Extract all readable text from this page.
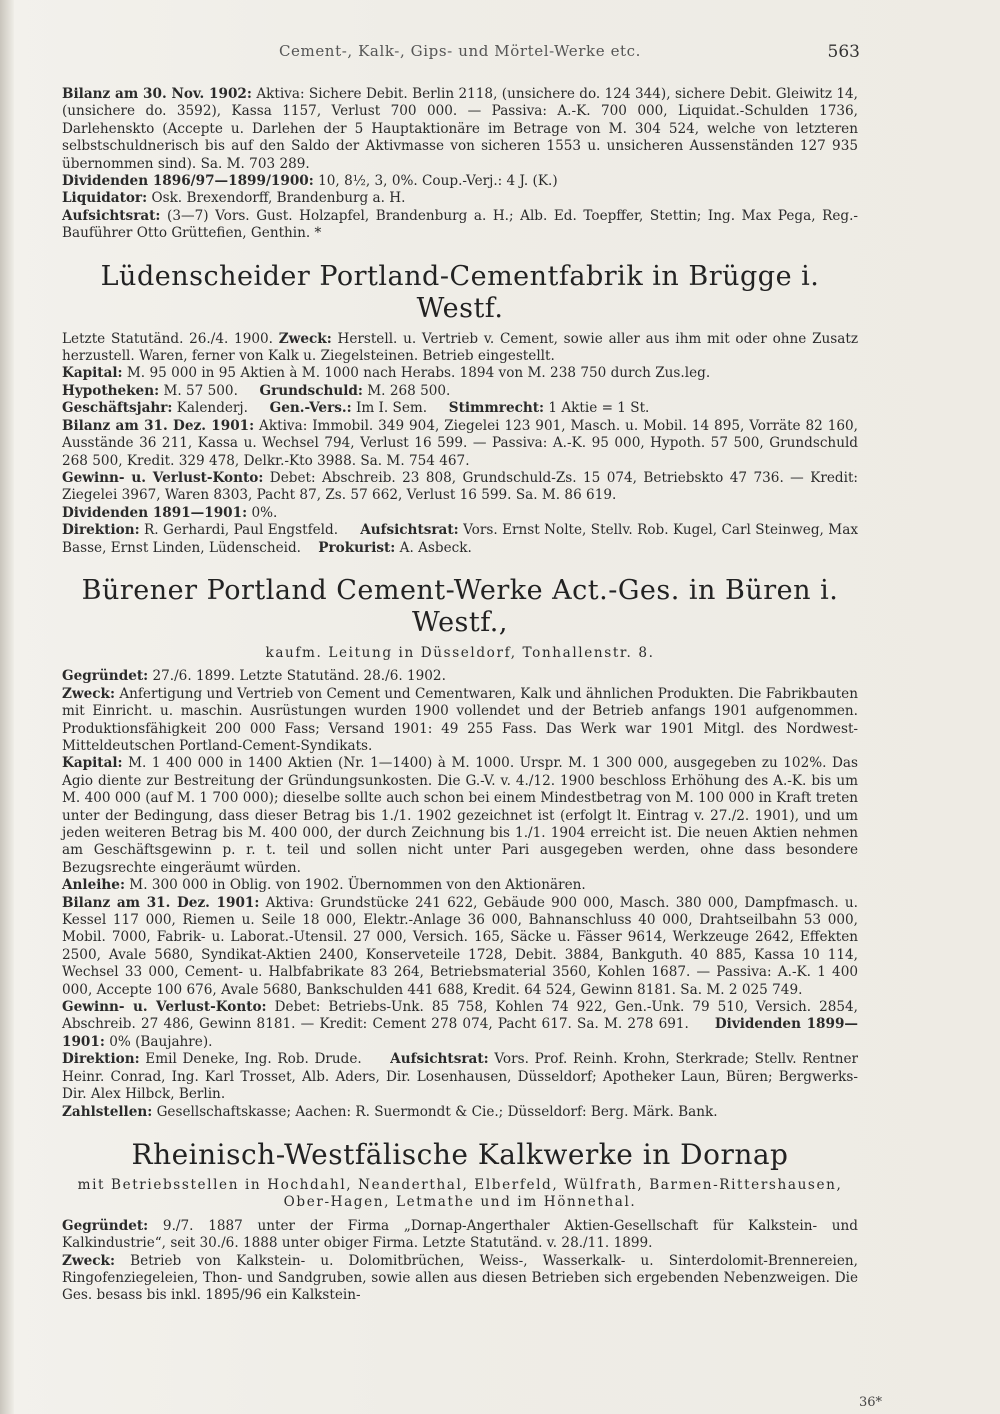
Cement-, Kalk-, Gips- und Mörtel-Werke etc.	563

Bilanz am 30. Nov. 1902: Aktiva: Sichere Debit. Berlin 2118, (unsichere do. 124 344), sichere Debit. Gleiwitz 14, (unsichere do. 3592), Kassa 1157, Verlust 700 000. — Passiva: A.-K. 700 000, Liquidat.-Schulden 1736, Darlehenskto (Accepte u. Darlehen der 5 Hauptaktionäre im Betrage von M. 304 524, welche von letzteren selbstschuldnerisch bis auf den Saldo der Aktivmasse von sicheren 1553 u. unsicheren Aussenständen 127 935 übernommen sind). Sa. M. 703 289.

Dividenden 1896/97—1899/1900: 10, 8½, 3, 0%. Coup.-Verj.: 4 J. (K.)

Liquidator: Osk. Brexendorff, Brandenburg a. H.

Aufsichtsrat: (3—7) Vors. Gust. Holzapfel, Brandenburg a. H.; Alb. Ed. Toepffer, Stettin; Ing. Max Pega, Reg.-Bauführer Otto Grüttefien, Genthin. *

Lüdenscheider Portland-Cementfabrik in Brügge i. Westf.

Letzte Statutänd. 26./4. 1900. Zweck: Herstell. u. Vertrieb v. Cement, sowie aller aus ihm mit oder ohne Zusatz herzustell. Waren, ferner von Kalk u. Ziegelsteinen. Betrieb eingestellt.

Kapital: M. 95 000 in 95 Aktien à M. 1000 nach Herabs. 1894 von M. 238 750 durch Zus.leg.

Hypotheken: M. 57 500. Grundschuld: M. 268 500.

Geschäftsjahr: Kalenderj. Gen.-Vers.: Im I. Sem. Stimmrecht: 1 Aktie = 1 St.

Bilanz am 31. Dez. 1901: Aktiva: Immobil. 349 904, Ziegelei 123 901, Masch. u. Mobil. 14 895, Vorräte 82 160, Ausstände 36 211, Kassa u. Wechsel 794, Verlust 16 599. — Passiva: A.-K. 95 000, Hypoth. 57 500, Grundschuld 268 500, Kredit. 329 478, Delkr.-Kto 3988. Sa. M. 754 467.

Gewinn- u. Verlust-Konto: Debet: Abschreib. 23 808, Grundschuld-Zs. 15 074, Betriebskto 47 736. — Kredit: Ziegelei 3967, Waren 8303, Pacht 87, Zs. 57 662, Verlust 16 599. Sa. M. 86 619.

Dividenden 1891—1901: 0%.

Direktion: R. Gerhardi, Paul Engstfeld. Aufsichtsrat: Vors. Ernst Nolte, Stellv. Rob. Kugel, Carl Steinweg, Max Basse, Ernst Linden, Lüdenscheid. Prokurist: A. Asbeck.

Bürener Portland Cement-Werke Act.-Ges. in Büren i. Westf.,
kaufm. Leitung in Düsseldorf, Tonhallenstr. 8.

Gegründet: 27./6. 1899. Letzte Statutänd. 28./6. 1902.

Zweck: Anfertigung und Vertrieb von Cement und Cementwaren, Kalk und ähnlichen Produkten. Die Fabrikbauten mit Einricht. u. maschin. Ausrüstungen wurden 1900 vollendet und der Betrieb anfangs 1901 aufgenommen. Produktionsfähigkeit 200 000 Fass; Versand 1901: 49 255 Fass. Das Werk war 1901 Mitgl. des Nordwest-Mitteldeutschen Portland-Cement-Syndikats.

Kapital: M. 1 400 000 in 1400 Aktien (Nr. 1—1400) à M. 1000. Urspr. M. 1 300 000, ausgegeben zu 102%. Das Agio diente zur Bestreitung der Gründungsunkosten. Die G.-V. v. 4./12. 1900 beschloss Erhöhung des A.-K. bis um M. 400 000 (auf M. 1 700 000); dieselbe sollte auch schon bei einem Mindestbetrag von M. 100 000 in Kraft treten unter der Bedingung, dass dieser Betrag bis 1./1. 1902 gezeichnet ist (erfolgt lt. Eintrag v. 27./2. 1901), und um jeden weiteren Betrag bis M. 400 000, der durch Zeichnung bis 1./1. 1904 erreicht ist. Die neuen Aktien nehmen am Geschäftsgewinn p. r. t. teil und sollen nicht unter Pari ausgegeben werden, ohne dass besondere Bezugsrechte eingeräumt würden.

Anleihe: M. 300 000 in Oblig. von 1902. Übernommen von den Aktionären.

Bilanz am 31. Dez. 1901: Aktiva: Grundstücke 241 622, Gebäude 900 000, Masch. 380 000, Dampfmasch. u. Kessel 117 000, Riemen u. Seile 18 000, Elektr.-Anlage 36 000, Bahnanschluss 40 000, Drahtseilbahn 53 000, Mobil. 7000, Fabrik- u. Laborat.-Utensil. 27 000, Versich. 165, Säcke u. Fässer 9614, Werkzeuge 2642, Effekten 2500, Avale 5680, Syndikat-Aktien 2400, Konserveteile 1728, Debit. 3884, Bankguth. 40 885, Kassa 10 114, Wechsel 33 000, Cement- u. Halbfabrikate 83 264, Betriebsmaterial 3560, Kohlen 1687. — Passiva: A.-K. 1 400 000, Accepte 100 676, Avale 5680, Bankschulden 441 688, Kredit. 64 524, Gewinn 8181. Sa. M. 2 025 749.

Gewinn- u. Verlust-Konto: Debet: Betriebs-Unk. 85 758, Kohlen 74 922, Gen.-Unk. 79 510, Versich. 2854, Abschreib. 27 486, Gewinn 8181. — Kredit: Cement 278 074, Pacht 617. Sa. M. 278 691. Dividenden 1899—1901: 0% (Baujahre).

Direktion: Emil Deneke, Ing. Rob. Drude. Aufsichtsrat: Vors. Prof. Reinh. Krohn, Sterkrade; Stellv. Rentner Heinr. Conrad, Ing. Karl Trosset, Alb. Aders, Dir. Losenhausen, Düsseldorf; Apotheker Laun, Büren; Bergwerks-Dir. Alex Hilbck, Berlin.

Zahlstellen: Gesellschaftskasse; Aachen: R. Suermondt & Cie.; Düsseldorf: Berg. Märk. Bank.

Rheinisch-Westfälische Kalkwerke in Dornap
mit Betriebsstellen in Hochdahl, Neanderthal, Elberfeld, Wülfrath, Barmen-Rittershausen, Ober-Hagen, Letmathe und im Hönnethal.

Gegründet: 9./7. 1887 unter der Firma „Dornap-Angerthaler Aktien-Gesellschaft für Kalkstein- und Kalkindustrie“, seit 30./6. 1888 unter obiger Firma. Letzte Statutänd. v. 28./11. 1899.

Zweck: Betrieb von Kalkstein- u. Dolomitbrüchen, Weiss-, Wasserkalk- u. Sinterdolomit-Brennereien, Ringofenziegeleien, Thon- und Sandgruben, sowie allen aus diesen Betrieben sich ergebenden Nebenzweigen. Die Ges. besass bis inkl. 1895/96 ein Kalkstein-

36*
